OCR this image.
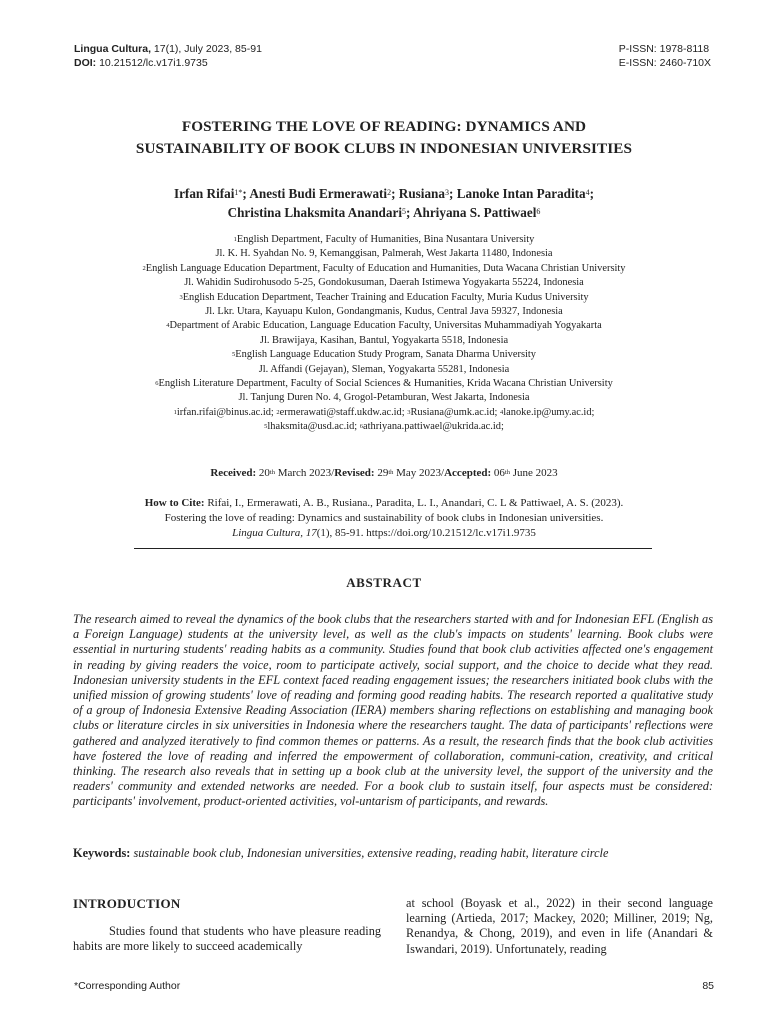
Lingua Cultura, 17(1), July 2023, 85-91
DOI: 10.21512/lc.v17i1.9735
P-ISSN: 1978-8118
E-ISSN: 2460-710X
FOSTERING THE LOVE OF READING: DYNAMICS AND
SUSTAINABILITY OF BOOK CLUBS IN INDONESIAN UNIVERSITIES
Irfan Rifai$^{1*}$; Anesti Budi Ermerawati$^2$; Rusiana$^3$; Lanoke Intan Paradita$^4$;
Christina Lhaksmita Anandari$^5$; Ahriyana S. Pattiwael$^6$
$^1$English Department, Faculty of Humanities, Bina Nusantara University
Jl. K. H. Syahdan No. 9, Kemanggisan, Palmerah, West Jakarta 11480, Indonesia
$^2$English Language Education Department, Faculty of Education and Humanities, Duta Wacana Christian University
Jl. Wahidin Sudirohusodo 5-25, Gondokusuman, Daerah Istimewa Yogyakarta 55224, Indonesia
$^3$English Education Department, Teacher Training and Education Faculty, Muria Kudus University
Jl. Lkr. Utara, Kayuapu Kulon, Gondangmanis, Kudus, Central Java 59327, Indonesia
$^4$Department of Arabic Education, Language Education Faculty, Universitas Muhammadiyah Yogyakarta
Jl. Brawijaya, Kasihan, Bantul, Yogyakarta 5518, Indonesia
$^5$English Language Education Study Program, Sanata Dharma University
Jl. Affandi (Gejayan), Sleman, Yogyakarta 55281, Indonesia
$^6$English Literature Department, Faculty of Social Sciences & Humanities, Krida Wacana Christian University
Jl. Tanjung Duren No. 4, Grogol-Petamburan, West Jakarta, Indonesia
$^1$irfan.rifai@binus.ac.id; $^2$ermerawati@staff.ukdw.ac.id; $^3$Rusiana@umk.ac.id; $^4$lanoke.ip@umy.ac.id;
$^5$lhaksmita@usd.ac.id; $^6$athriyana.pattiwael@ukrida.ac.id;
Received: 20th March 2023/Revised: 29th May 2023/Accepted: 06th June 2023
How to Cite: Rifai, I., Ermerawati, A. B., Rusiana., Paradita, L. I., Anandari, C. L & Pattiwael, A. S. (2023).
Fostering the love of reading: Dynamics and sustainability of book clubs in Indonesian universities.
Lingua Cultura, 17(1), 85-91. https://doi.org/10.21512/lc.v17i1.9735
ABSTRACT
The research aimed to reveal the dynamics of the book clubs that the researchers started with and for Indonesian EFL (English as a Foreign Language) students at the university level, as well as the club's impacts on students' learning. Book clubs were essential in nurturing students' reading habits as a community. Studies found that book club activities affected one's engagement in reading by giving readers the voice, room to participate actively, social support, and the choice to decide what they read. Indonesian university students in the EFL context faced reading engagement issues; the researchers initiated book clubs with the unified mission of growing students' love of reading and forming good reading habits. The research reported a qualitative study of a group of Indonesia Extensive Reading Association (IERA) members sharing reflections on establishing and managing book clubs or literature circles in six universities in Indonesia where the researchers taught. The data of participants' reflections were gathered and analyzed iteratively to find common themes or patterns. As a result, the research finds that the book club activities have fostered the love of reading and inferred the empowerment of collaboration, communi-cation, creativity, and critical thinking. The research also reveals that in setting up a book club at the university level, the support of the university and the readers' community and extended networks are needed. For a book club to sustain itself, four aspects must be considered: participants' involvement, product-oriented activities, vol-untarism of participants, and rewards.
Keywords: sustainable book club, Indonesian universities, extensive reading, reading habit, literature circle
INTRODUCTION
Studies found that students who have pleasure reading habits are more likely to succeed academically
at school (Boyask et al., 2022) in their second language learning (Artieda, 2017; Mackey, 2020; Milliner, 2019; Ng, Renandya, & Chong, 2019), and even in life (Anandari & Iswandari, 2019). Unfortunately, reading
*Corresponding Author	85
